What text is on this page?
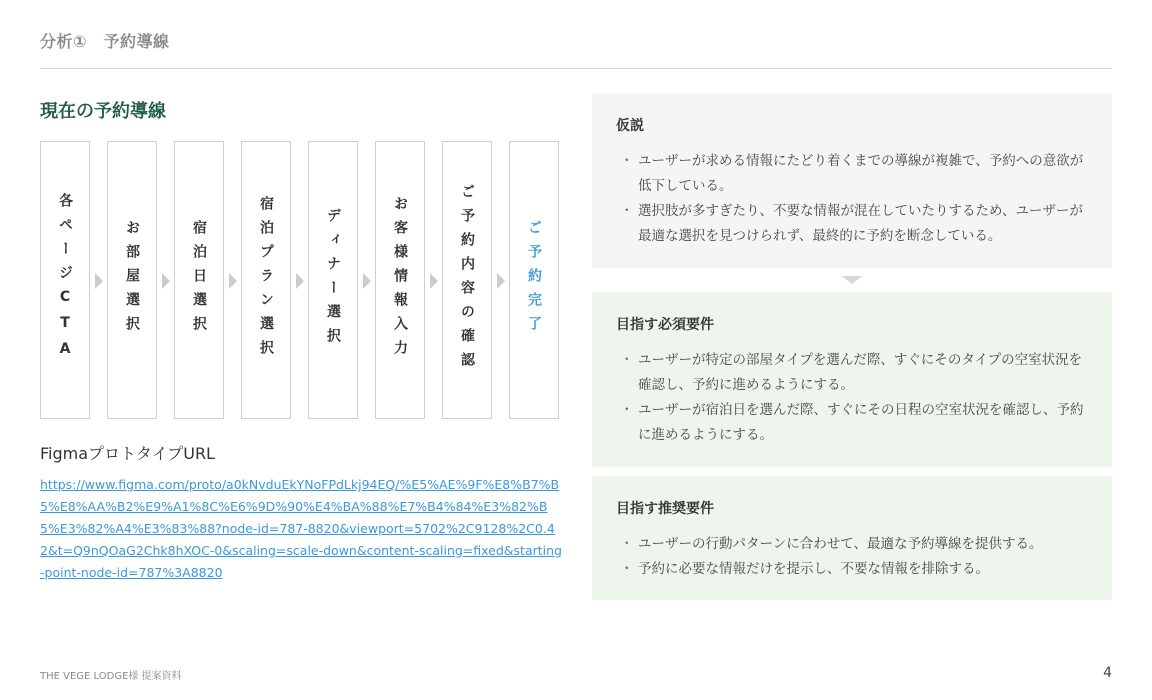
分析①　予約導線
現在の予約導線
各ページCTA	お部屋選択	宿泊日選択	宿泊プラン選択	ディナー選択	お客様情報入力	ご予約内容の確認	ご予約完了
FigmaプロトタイプURL
https://www.figma.com/proto/a0kNvduEkYNoFPdLkj94EQ/%E5%AE%9F%E8%B7%B5%E8%AA%B2%E9%A1%8C%E6%9D%90%E4%BA%88%E7%B4%84%E3%82%B5%E3%82%A4%E3%83%88?node-id=787-8820&viewport=5702%2C9128%2C0.42&t=Q9nQOaG2Chk8hXOC-0&scaling=scale-down&content-scaling=fixed&starting-point-node-id=787%3A8820
仮説
・ ユーザーが求める情報にたどり着くまでの導線が複雑で、予約への意欲が低下している。
・ 選択肢が多すぎたり、不要な情報が混在していたりするため、ユーザーが最適な選択を見つけられず、最終的に予約を断念している。
目指す必須要件
・ ユーザーが特定の部屋タイプを選んだ際、すぐにそのタイプの空室状況を確認し、予約に進めるようにする。
・ ユーザーが宿泊日を選んだ際、すぐにその日程の空室状況を確認し、予約に進めるようにする。
目指す推奨要件
・ ユーザーの行動パターンに合わせて、最適な予約導線を提供する。
・ 予約に必要な情報だけを提示し、不要な情報を排除する。
THE VEGE LODGE様 提案資料	4
